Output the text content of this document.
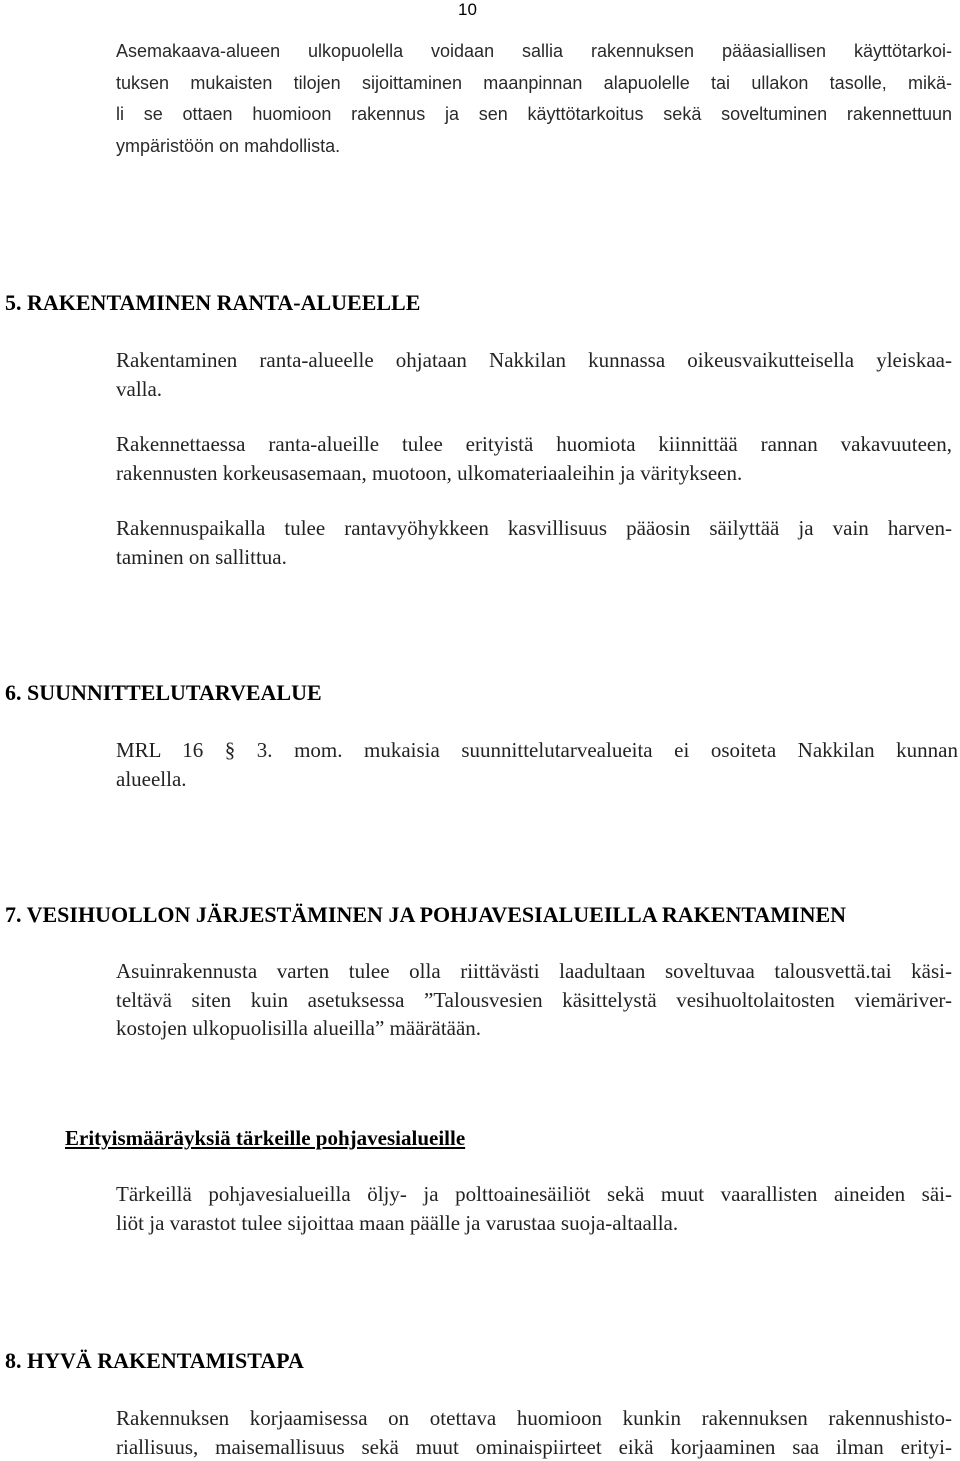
10
Asemakaava-alueen ulkopuolella voidaan sallia rakennuksen pääasiallisen käyttötarkoi-
tuksen mukaisten tilojen sijoittaminen maanpinnan alapuolelle tai ullakon tasolle, mikä-
li se ottaen huomioon rakennus ja sen käyttötarkoitus sekä soveltuminen rakennettuun
ympäristöön on mahdollista.
5. RAKENTAMINEN RANTA-ALUEELLE
Rakentaminen ranta-alueelle ohjataan Nakkilan kunnassa oikeusvaikutteisella yleiskaa-
valla.
Rakennettaessa ranta-alueille tulee erityistä huomiota kiinnittää rannan vakavuuteen,
rakennusten korkeusasemaan, muotoon, ulkomateriaaleihin ja väritykseen.
Rakennuspaikalla tulee rantavyöhykkeen kasvillisuus pääosin säilyttää ja vain harven-
taminen on sallittua.
6. SUUNNITTELUTARVEALUE
MRL 16 § 3. mom. mukaisia suunnittelutarvealueita ei osoiteta Nakkilan kunnan
alueella.
7. VESIHUOLLON JÄRJESTÄMINEN JA POHJAVESIALUEILLA RAKENTAMINEN
Asuinrakennusta varten tulee olla riittävästi laadultaan soveltuvaa talousvettä.tai käsi-
teltävä siten kuin asetuksessa ”Talousvesien käsittelystä vesihuoltolaitosten viemäriver-
kostojen ulkopuolisilla alueilla” määrätään.
Erityismääräyksiä tärkeille pohjavesialueille
Tärkeillä pohjavesialueilla öljy- ja polttoainesäiliöt sekä muut vaarallisten aineiden säi-
liöt ja varastot tulee sijoittaa maan päälle ja varustaa suoja-altaalla.
8. HYVÄ RAKENTAMISTAPA
Rakennuksen korjaamisessa on otettava huomioon kunkin rakennuksen rakennushisto-
riallisuus, maisemallisuus sekä muut ominaispiirteet eikä korjaaminen saa ilman erityi-
